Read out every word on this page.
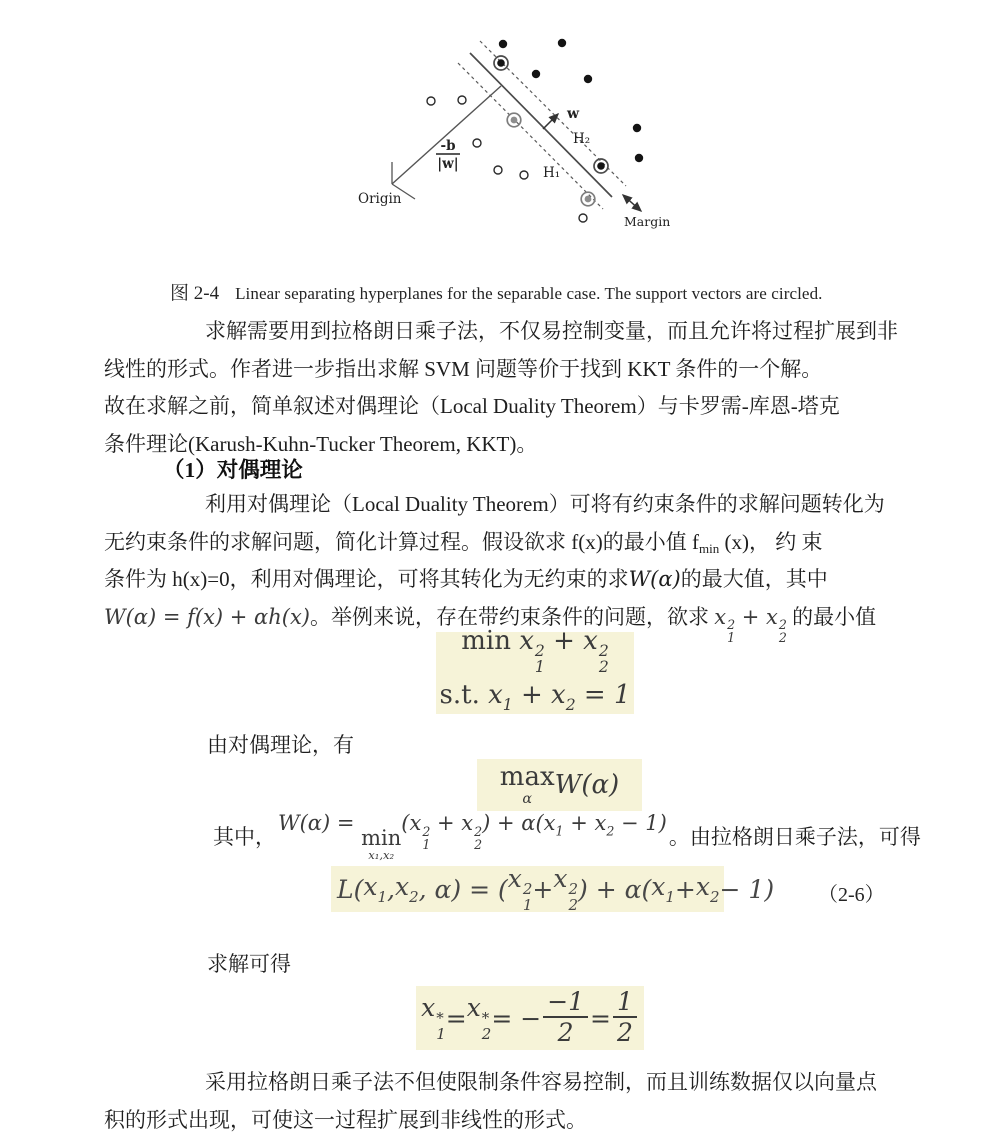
Origin
-b
|w|
w
H₂
H₁
Margin
图 2-4 Linear separating hyperplanes for the separable case. The support vectors are circled.
求解需要用到拉格朗日乘子法，不仅易控制变量，而且允许将过程扩展到非
线性的形式。作者进一步指出求解 SVM 问题等价于找到 KKT 条件的一个解。
故在求解之前，简单叙述对偶理论（Local Duality Theorem）与卡罗需-库恩-塔克
条件理论(Karush-Kuhn-Tucker Theorem, KKT)。
（1）对偶理论
利用对偶理论（Local Duality Theorem）可将有约束条件的求解问题转化为
无约束条件的求解问题，简化计算过程。假设欲求 f(x)的最小值 $f_{min}$ (x)， 约 束
条件为 h(x)=0，利用对偶理论，可将其转化为无约束的求W(α)的最大值，其中
W(α) = f(x) + αh(x)。举例来说，存在带约束条件的问题，欲求 x 2
1
+ x 2
2
的最小值
min x 2
1
+ x 2
2
s.t. $x_1 + x_2 = 1$
由对偶理论，有
max
α W(α)
其中，
W(α) =
min
x₁,x₂
(x 2
1
+ x 2
2
) + $\alpha(x_1 + x_2 - 1)$
。由拉格朗日乘子法，可得
L( $x_1$ , $x_2$ , α) = ( x 2
1
+ x 2
2
) + α( $x_1 + x_2 - 1$) （2-6）
求解可得
x *
1
= x *
2
= − $\frac{-1}{2} = \frac{1}{2}$
采用拉格朗日乘子法不但使限制条件容易控制，而且训练数据仅以向量点
积的形式出现，可使这一过程扩展到非线性的形式。
